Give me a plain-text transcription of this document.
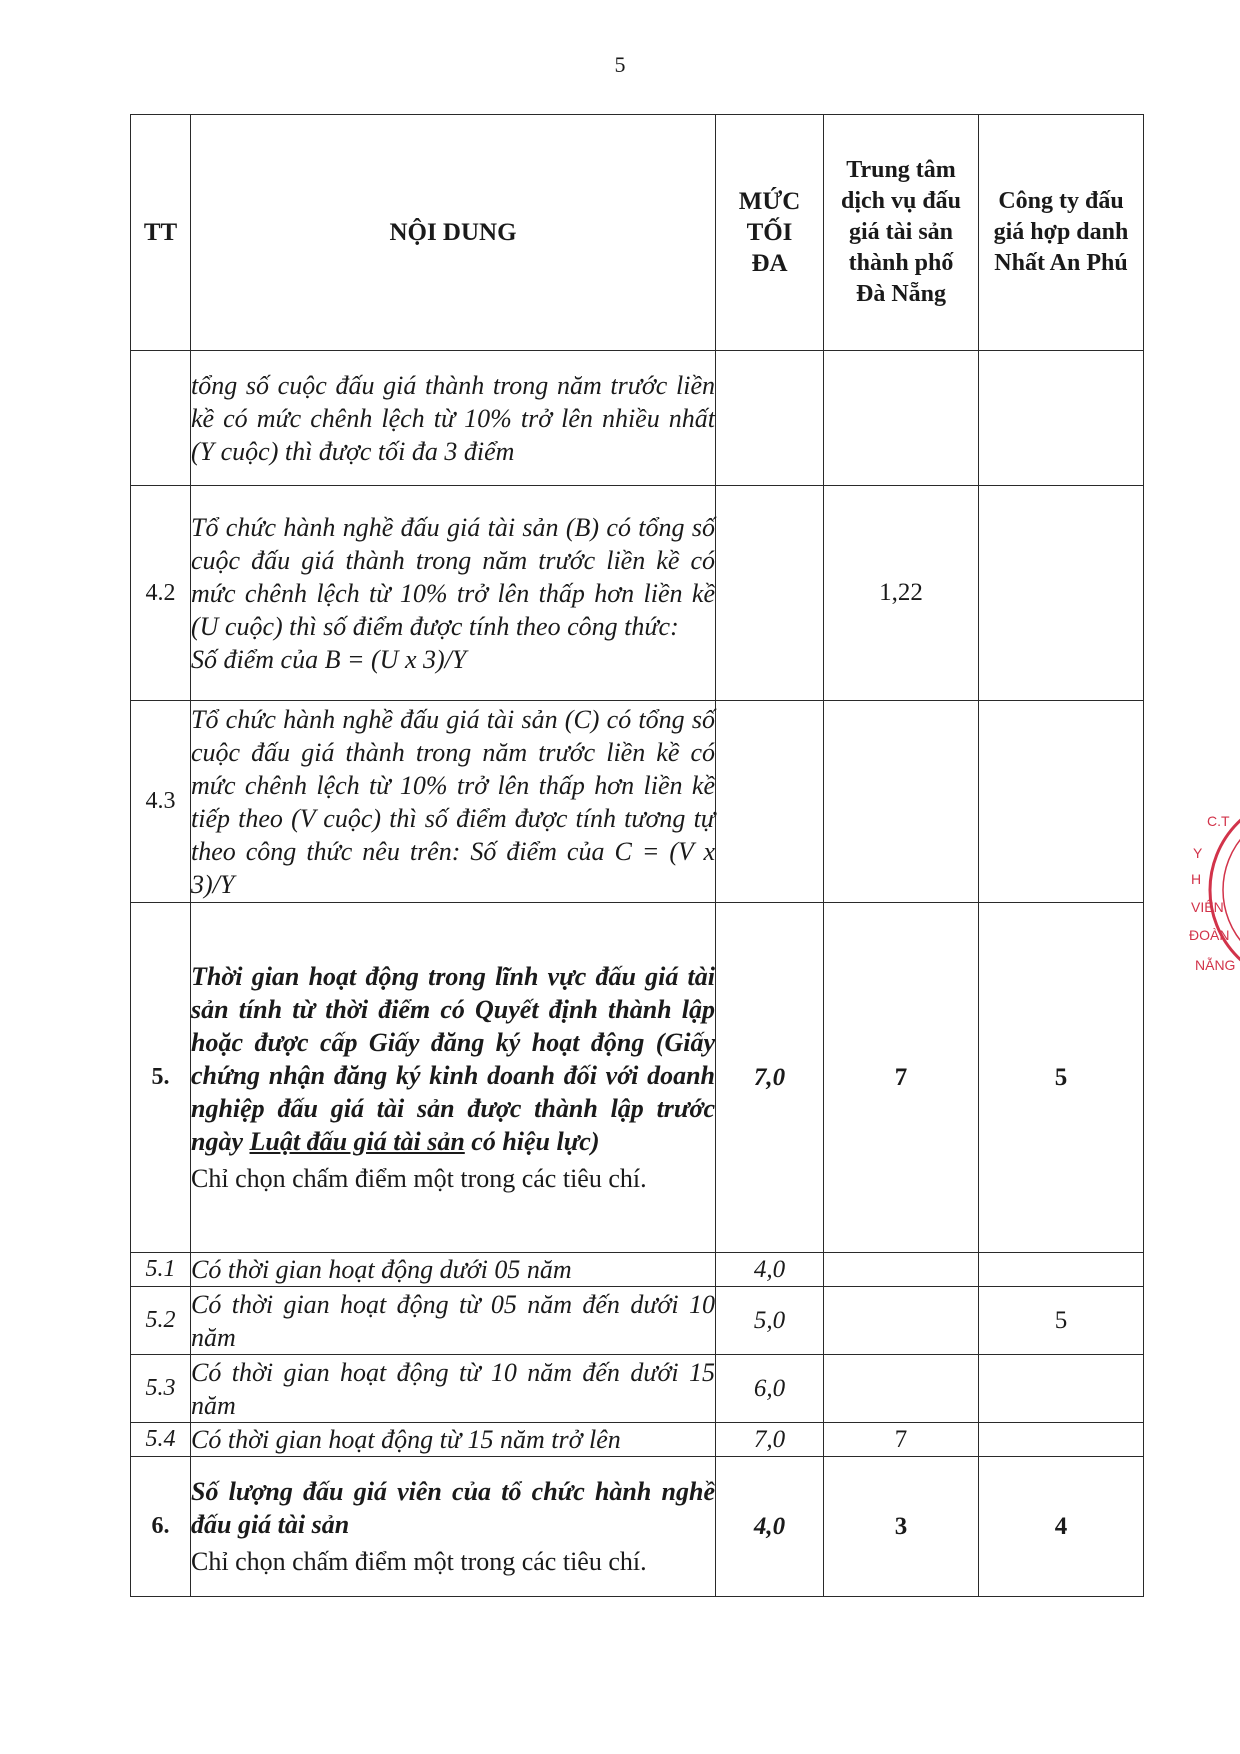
5
TT	NỘI DUNG	MỨC TỐI ĐA	Trung tâm dịch vụ đấu giá tài sản thành phố Đà Nẵng	Công ty đấu giá hợp danh Nhất An Phú

	tổng số cuộc đấu giá thành trong năm trước liền kề có mức chênh lệch từ 10% trở lên nhiều nhất (Y cuộc) thì được tối đa 3 điểm			

4.2	Tổ chức hành nghề đấu giá tài sản (B) có tổng số cuộc đấu giá thành trong năm trước liền kề có mức chênh lệch từ 10% trở lên thấp hơn liền kề (U cuộc) thì số điểm được tính theo công thức:
Số điểm của B = (U x 3)/Y		1,22	
4.3	Tổ chức hành nghề đấu giá tài sản (C) có tổng số cuộc đấu giá thành trong năm trước liền kề có mức chênh lệch từ 10% trở lên thấp hơn liền kề tiếp theo (V cuộc) thì số điểm được tính tương tự theo công thức nêu trên: Số điểm của C = (V x 3)/Y			

5.	Thời gian hoạt động trong lĩnh vực đấu giá tài sản tính từ thời điểm có Quyết định thành lập hoặc được cấp Giấy đăng ký hoạt động (Giấy chứng nhận đăng ký kinh doanh đối với doanh nghiệp đấu giá tài sản được thành lập trước ngày Luật đấu giá tài sản có hiệu lực)
Chỉ chọn chấm điểm một trong các tiêu chí.	7,0	7	5
5.1	Có thời gian hoạt động dưới 05 năm	4,0		
5.2	Có thời gian hoạt động từ 05 năm đến dưới 10 năm	5,0		5
5.3	Có thời gian hoạt động từ 10 năm đến dưới 15 năm	6,0		
5.4	Có thời gian hoạt động từ 15 năm trở lên	7,0	7	
6.	Số lượng đấu giá viên của tổ chức hành nghề đấu giá tài sản
Chỉ chọn chấm điểm một trong các tiêu chí.	4,0	3	4
C.T
Y
H
VIÊN
ĐOÀN
NẴNG
